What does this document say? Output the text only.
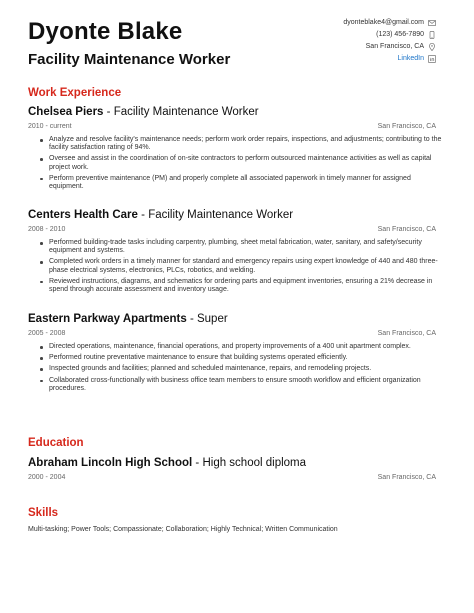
Dyonte Blake
Facility Maintenance Worker
dyonteblake4@gmail.com
(123) 456-7890
San Francisco, CA
LinkedIn
Work Experience
Chelsea Piers - Facility Maintenance Worker
2010 - current	San Francisco, CA
Analyze and resolve facility's maintenance needs; perform work order repairs, inspections, and adjustments; contributing to the facility satisfaction rating of 94%.
Oversee and assist in the coordination of on-site contractors to perform outsourced maintenance activities as well as capital project work.
Perform preventive maintenance (PM) and properly complete all associated paperwork in timely manner for assigned equipment.
Centers Health Care - Facility Maintenance Worker
2008 - 2010	San Francisco, CA
Performed building-trade tasks including carpentry, plumbing, sheet metal fabrication, water, sanitary, and safety/security equipment and systems.
Completed work orders in a timely manner for standard and emergency repairs using expert knowledge of 440 and 480 three-phase electrical systems, electronics, PLCs, robotics, and welding.
Reviewed instructions, diagrams, and schematics for ordering parts and equipment inventories, ensuring a 21% decrease in spend through accurate assessment and inventory usage.
Eastern Parkway Apartments - Super
2005 - 2008	San Francisco, CA
Directed operations, maintenance, financial operations, and property improvements of a 400 unit apartment complex.
Performed routine preventative maintenance to ensure that building systems operated efficiently.
Inspected grounds and facilities; planned and scheduled maintenance, repairs, and remodeling projects.
Collaborated cross-functionally with business office team members to ensure smooth workflow and efficient organization procedures.
Education
Abraham Lincoln High School - High school diploma
2000 - 2004	San Francisco, CA
Skills
Multi-tasking; Power Tools; Compassionate; Collaboration; Highly Technical; Written Communication
